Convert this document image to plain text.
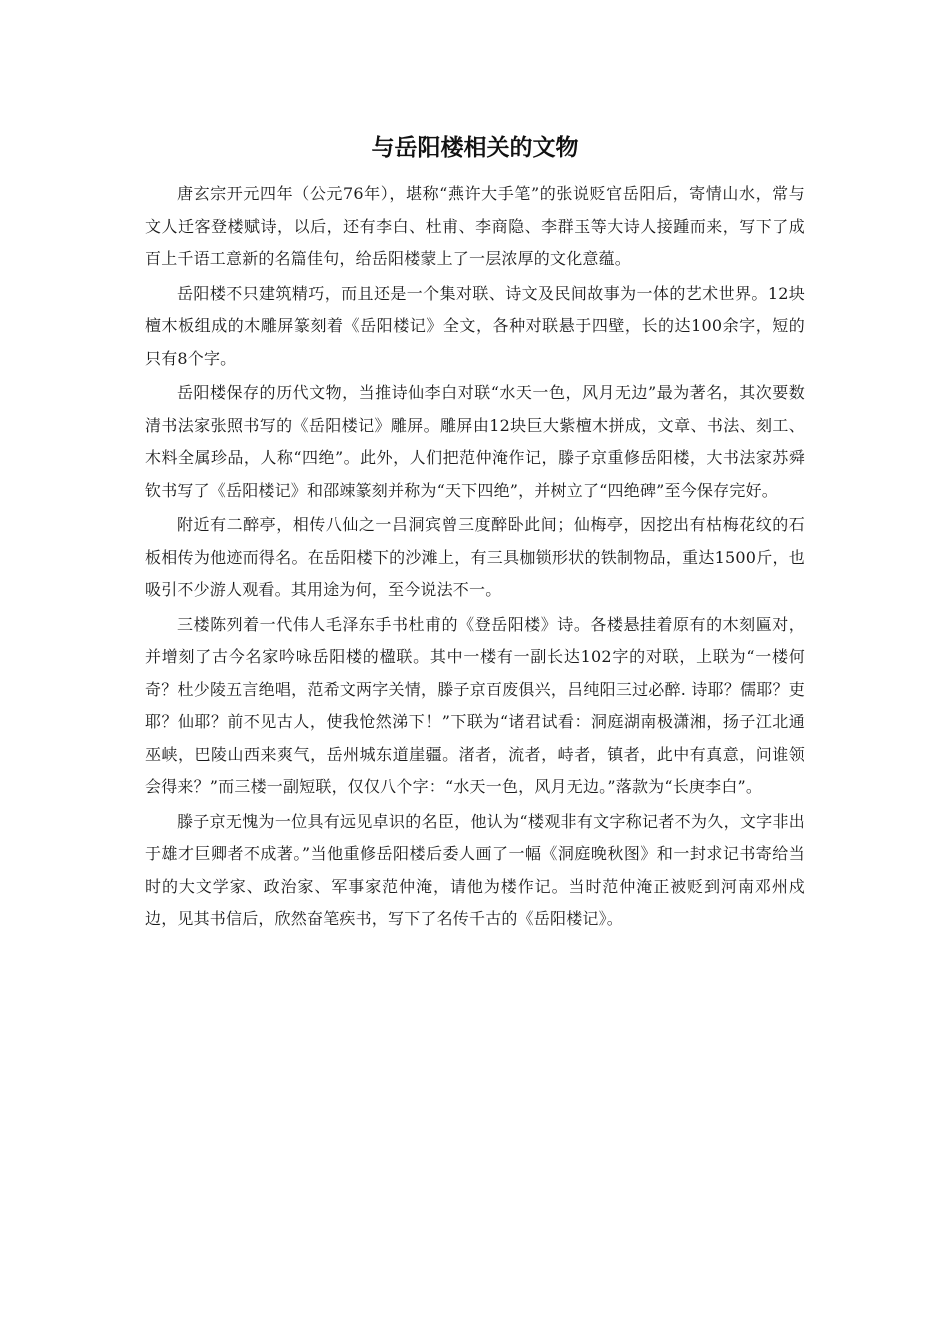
与岳阳楼相关的文物

唐玄宗开元四年（公元76年），堪称“燕许大手笔”的张说贬官岳阳后，寄情山水，常与文人迁客登楼赋诗，以后，还有李白、杜甫、李商隐、李群玉等大诗人接踵而来，写下了成百上千语工意新的名篇佳句，给岳阳楼蒙上了一层浓厚的文化意蕴。

岳阳楼不只建筑精巧，而且还是一个集对联、诗文及民间故事为一体的艺术世界。12块檀木板组成的木雕屏篆刻着《岳阳楼记》全文，各种对联悬于四壁，长的达100余字，短的只有8个字。

岳阳楼保存的历代文物，当推诗仙李白对联“水天一色，风月无边”最为著名，其次要数清书法家张照书写的《岳阳楼记》雕屏。雕屏由12块巨大紫檀木拼成，文章、书法、刻工、木料全属珍品，人称“四绝”。此外，人们把范仲淹作记，滕子京重修岳阳楼，大书法家苏舜钦书写了《岳阳楼记》和邵竦篆刻并称为“天下四绝”，并树立了“四绝碑”至今保存完好。

附近有二醉亭，相传八仙之一吕洞宾曾三度醉卧此间；仙梅亭，因挖出有枯梅花纹的石板相传为他迹而得名。在岳阳楼下的沙滩上，有三具枷锁形状的铁制物品，重达1500斤，也吸引不少游人观看。其用途为何，至今说法不一。

三楼陈列着一代伟人毛泽东手书杜甫的《登岳阳楼》诗。各楼悬挂着原有的木刻匾对，并增刻了古今名家吟咏岳阳楼的楹联。其中一楼有一副长达102字的对联，上联为“一楼何奇？杜少陵五言绝唱，范希文两字关情，滕子京百废俱兴，吕纯阳三过必醉. 诗耶？儒耶？吏耶？仙耶？前不见古人，使我怆然涕下！”下联为“诸君试看：洞庭湖南极潇湘，扬子江北通巫峡，巴陵山西来爽气，岳州城东道崖疆。渚者，流者，峙者，镇者，此中有真意，问谁领会得来？”而三楼一副短联，仅仅八个字：“水天一色，风月无边。”落款为“长庚李白”。

滕子京无愧为一位具有远见卓识的名臣，他认为“楼观非有文字称记者不为久，文字非出于雄才巨卿者不成著。”当他重修岳阳楼后委人画了一幅《洞庭晚秋图》和一封求记书寄给当时的大文学家、政治家、军事家范仲淹，请他为楼作记。当时范仲淹正被贬到河南邓州戍边，见其书信后，欣然奋笔疾书，写下了名传千古的《岳阳楼记》。
